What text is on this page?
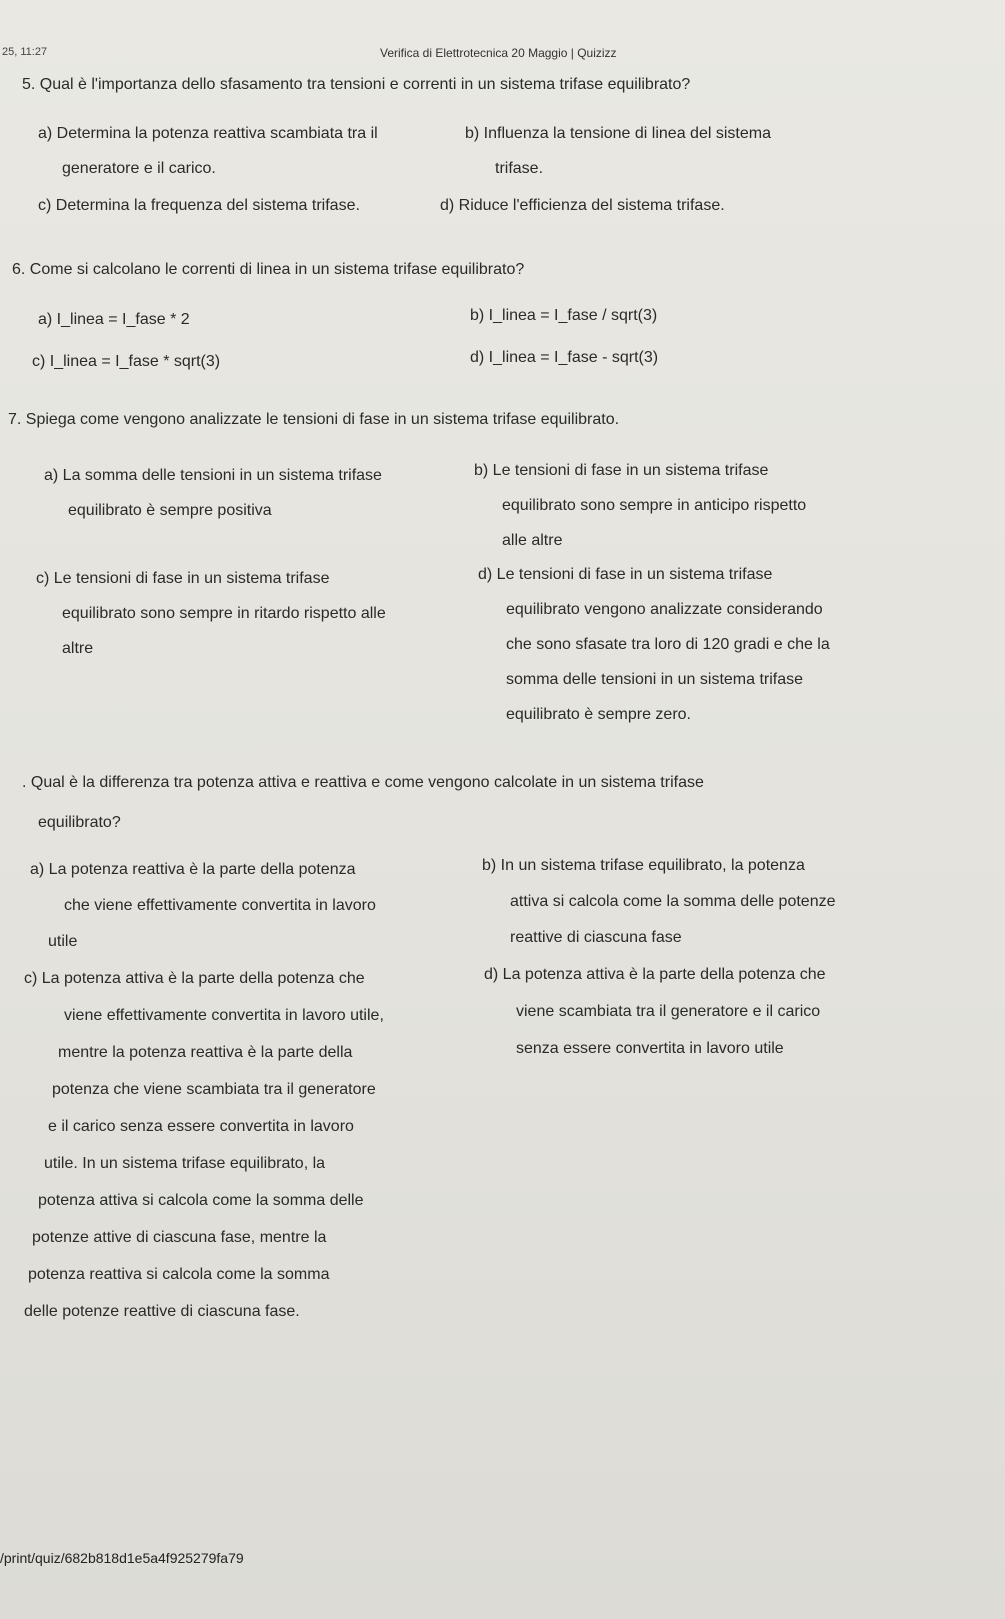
25, 11:27	Verifica di Elettrotecnica 20 Maggio | Quizizz
5. Qual è l'importanza dello sfasamento tra tensioni e correnti in un sistema trifase equilibrato?
a) Determina la potenza reattiva scambiata tra il
generatore e il carico.
b) Influenza la tensione di linea del sistema
trifase.
c) Determina la frequenza del sistema trifase.	d) Riduce l'efficienza del sistema trifase.
6. Come si calcolano le correnti di linea in un sistema trifase equilibrato?
a) I_linea = I_fase * 2	b) I_linea = I_fase / sqrt(3)
c) I_linea = I_fase * sqrt(3)	d) I_linea = I_fase - sqrt(3)
7. Spiega come vengono analizzate le tensioni di fase in un sistema trifase equilibrato.
a) La somma delle tensioni in un sistema trifase
equilibrato è sempre positiva
b) Le tensioni di fase in un sistema trifase
equilibrato sono sempre in anticipo rispetto
alle altre
c) Le tensioni di fase in un sistema trifase
equilibrato sono sempre in ritardo rispetto alle
altre
d) Le tensioni di fase in un sistema trifase
equilibrato vengono analizzate considerando
che sono sfasate tra loro di 120 gradi e che la
somma delle tensioni in un sistema trifase
equilibrato è sempre zero.
. Qual è la differenza tra potenza attiva e reattiva e come vengono calcolate in un sistema trifase
equilibrato?
a) La potenza reattiva è la parte della potenza
che viene effettivamente convertita in lavoro
utile
b) In un sistema trifase equilibrato, la potenza
attiva si calcola come la somma delle potenze
reattive di ciascuna fase
c) La potenza attiva è la parte della potenza che
viene effettivamente convertita in lavoro utile,
mentre la potenza reattiva è la parte della
potenza che viene scambiata tra il generatore
e il carico senza essere convertita in lavoro
utile. In un sistema trifase equilibrato, la
potenza attiva si calcola come la somma delle
potenze attive di ciascuna fase, mentre la
potenza reattiva si calcola come la somma
delle potenze reattive di ciascuna fase.
d) La potenza attiva è la parte della potenza che
viene scambiata tra il generatore e il carico
senza essere convertita in lavoro utile
/print/quiz/682b818d1e5a4f925279fa79
